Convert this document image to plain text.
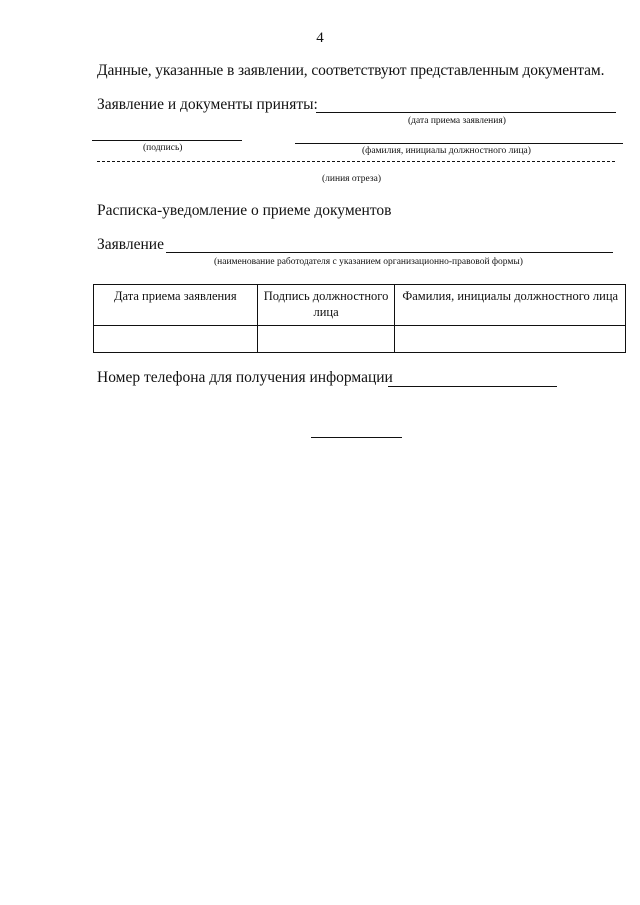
4
Данные, указанные в заявлении, соответствуют представленным документам.
Заявление и документы приняты:
(дата приема заявления)
(подпись)	(фамилия, инициалы должностного лица)
(линия отреза)
Расписка-уведомление о приеме документов
Заявление
(наименование работодателя с указанием организационно-правовой формы)
Дата приема заявления	Подпись должностного лица	Фамилия, инициалы должностного лица

Номер телефона для получения информации
